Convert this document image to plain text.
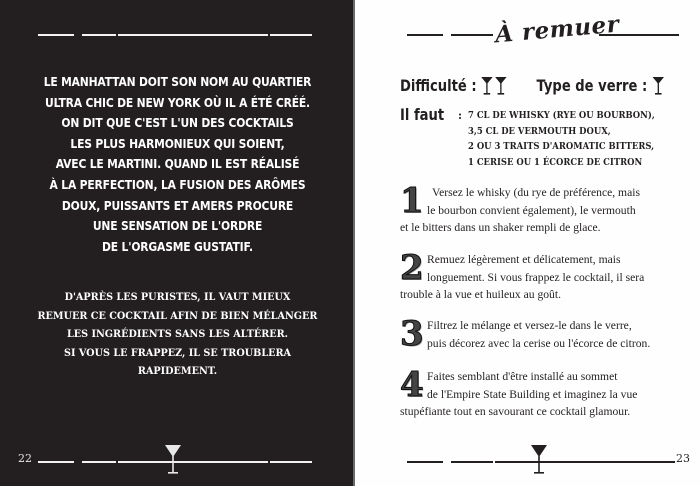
LE MANHATTAN DOIT SON NOM AU QUARTIER
ULTRA CHIC DE NEW YORK OÙ IL A ÉTÉ CRÉÉ.
ON DIT QUE C'EST L'UN DES COCKTAILS
LES PLUS HARMONIEUX QUI SOIENT,
AVEC LE MARTINI. QUAND IL EST RÉALISÉ
À LA PERFECTION, LA FUSION DES ARÔMES
DOUX, PUISSANTS ET AMERS PROCURE
UNE SENSATION DE L'ORDRE
DE L'ORGASME GUSTATIF.
D'APRÈS LES PURISTES, IL VAUT MIEUX
REMUER CE COCKTAIL AFIN DE BIEN MÉLANGER
LES INGRÉDIENTS SANS LES ALTÉRER.
SI VOUS LE FRAPPEZ, IL SE TROUBLERA
RAPIDEMENT.
22
À remuer
Difficulté :	Type de verre :
Il faut : 7 CL DE WHISKY (RYE OU BOURBON),
3,5 CL DE VERMOUTH DOUX,
2 OU 3 TRAITS D'AROMATIC BITTERS,
1 CERISE OU 1 ÉCORCE DE CITRON
1 Versez le whisky (du rye de préférence, mais
le bourbon convient également), le vermouth
et le bitters dans un shaker rempli de glace.
2 Remuez légèrement et délicatement, mais
longuement. Si vous frappez le cocktail, il sera
trouble à la vue et huileux au goût.
3 Filtrez le mélange et versez-le dans le verre,
puis décorez avec la cerise ou l'écorce de citron.
4 Faites semblant d'être installé au sommet
de l'Empire State Building et imaginez la vue
stupéfiante tout en savourant ce cocktail glamour.
23
